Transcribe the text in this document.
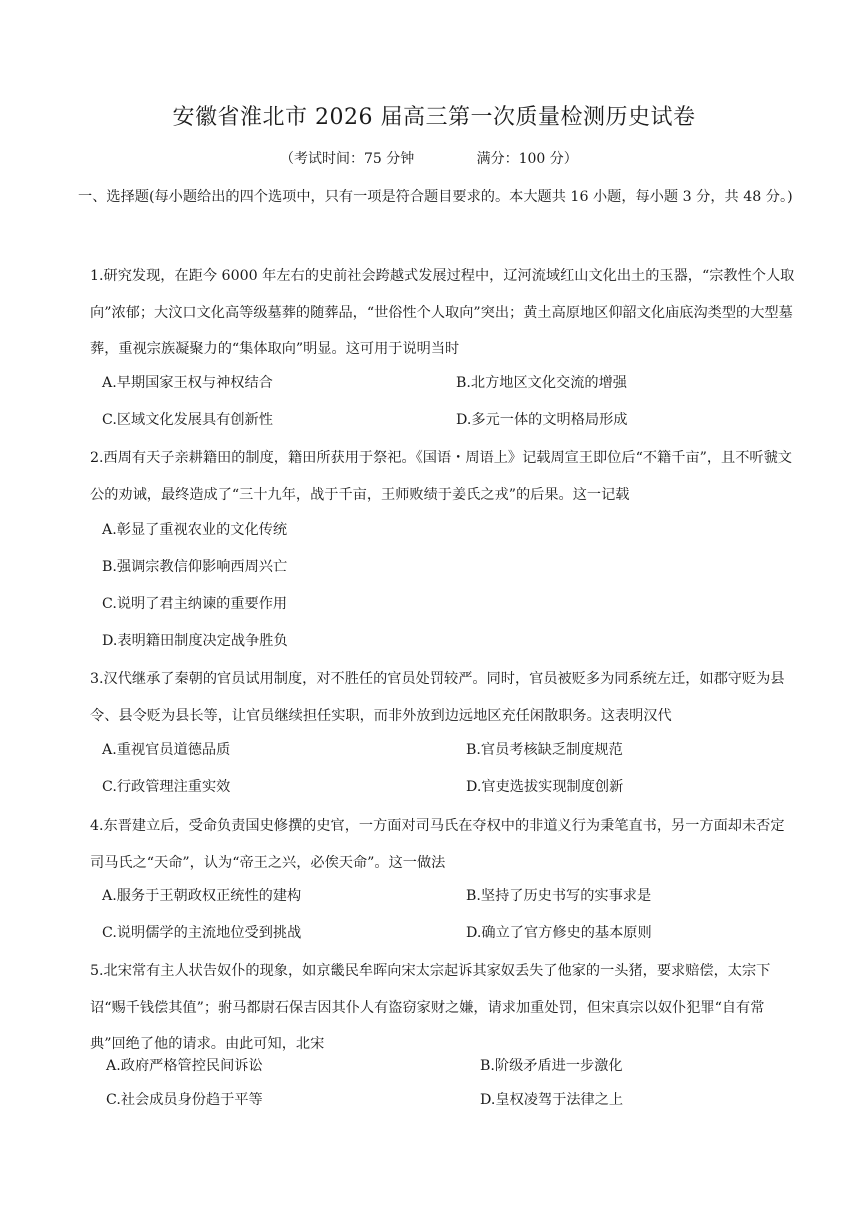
安徽省淮北市 2026 届高三第一次质量检测历史试卷
（考试时间：75 分钟              满分：100 分）
一、选择题(每小题给出的四个选项中，只有一项是符合题目要求的。本大题共 16 小题，每小题 3 分，共 48 分。)
1.研究发现，在距今 6000 年左右的史前社会跨越式发展过程中，辽河流域红山文化出土的玉器，“宗教性个人取向”浓郁；大汶口文化高等级墓葬的随葬品，“世俗性个人取向”突出；黄土高原地区仰韶文化庙底沟类型的大型墓葬，重视宗族凝聚力的“集体取向”明显。这可用于说明当时
A.早期国家王权与神权结合	B.北方地区文化交流的增强
C.区域文化发展具有创新性	D.多元一体的文明格局形成
2.西周有天子亲耕籍田的制度，籍田所获用于祭祀。《国语・周语上》记载周宣王即位后“不籍千亩”，且不听虢文公的劝诫，最终造成了“三十九年，战于千亩，王师败绩于姜氏之戎”的后果。这一记载
A.彰显了重视农业的文化传统
B.强调宗教信仰影响西周兴亡
C.说明了君主纳谏的重要作用
D.表明籍田制度决定战争胜负
3.汉代继承了秦朝的官员试用制度，对不胜任的官员处罚较严。同时，官员被贬多为同系统左迁，如郡守贬为县令、县令贬为县长等，让官员继续担任实职，而非外放到边远地区充任闲散职务。这表明汉代
A.重视官员道德品质	B.官员考核缺乏制度规范
C.行政管理注重实效	D.官吏选拔实现制度创新
4.东晋建立后，受命负责国史修撰的史官，一方面对司马氏在夺权中的非道义行为秉笔直书，另一方面却未否定司马氏之“天命”，认为“帝王之兴，必俟天命”。这一做法
A.服务于王朝政权正统性的建构	B.坚持了历史书写的实事求是
C.说明儒学的主流地位受到挑战	D.确立了官方修史的基本原则
5.北宋常有主人状告奴仆的现象，如京畿民牟晖向宋太宗起诉其家奴丢失了他家的一头猪，要求赔偿，太宗下诏“赐千钱偿其值”；驸马都尉石保吉因其仆人有盗窃家财之嫌，请求加重处罚，但宋真宗以奴仆犯罪“自有常典”回绝了他的请求。由此可知，北宋
A.政府严格管控民间诉讼	B.阶级矛盾进一步激化
C.社会成员身份趋于平等	D.皇权凌驾于法律之上
